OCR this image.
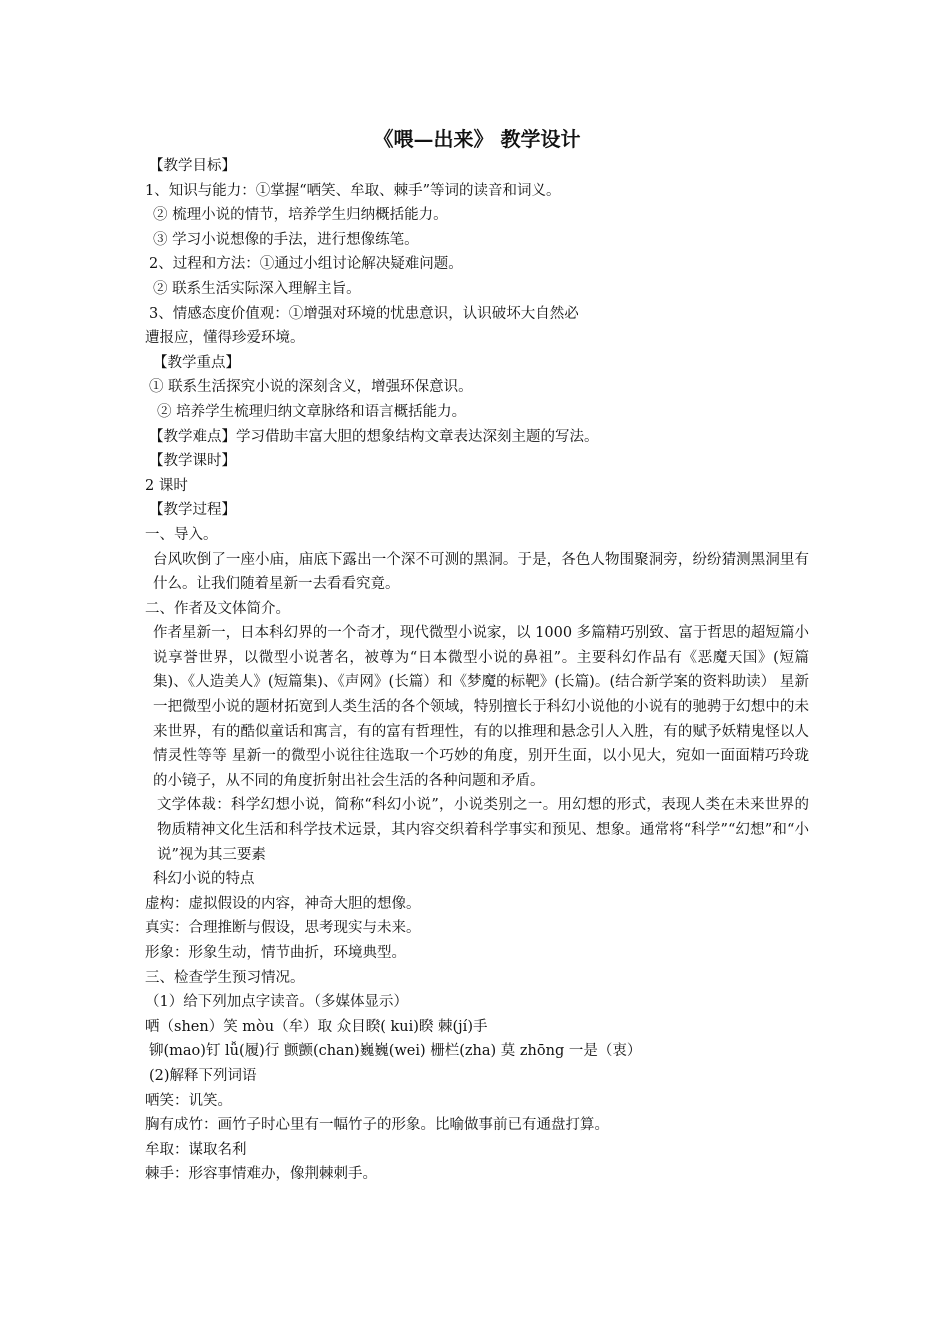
《喂—出来》 教学设计

【教学目标】

1、知识与能力：①掌握“哂笑、牟取、棘手”等词的读音和词义。

② 梳理小说的情节，培养学生归纳概括能力。

③ 学习小说想像的手法，进行想像练笔。

2、过程和方法：①通过小组讨论解决疑难问题。

② 联系生活实际深入理解主旨。

3、情感态度价值观：①增强对环境的忧患意识，认识破坏大自然必

遭报应，懂得珍爱环境。

【教学重点】

① 联系生活探究小说的深刻含义，增强环保意识。

② 培养学生梳理归纳文章脉络和语言概括能力。

【教学难点】学习借助丰富大胆的想象结构文章表达深刻主题的写法。

【教学课时】

2 课时

【教学过程】

一、导入。

台风吹倒了一座小庙，庙底下露出一个深不可测的黑洞。于是，各色人物围聚洞旁，纷纷猜测黑洞里有什么。让我们随着星新一去看看究竟。

二、作者及文体简介。

作者星新一，日本科幻界的一个奇才，现代微型小说家，以 1000 多篇精巧别致、富于哲思的超短篇小说享誉世界，以微型小说著名，被尊为“日本微型小说的鼻祖”。主要科幻作品有《恶魔天国》(短篇 集)、《人造美人》(短篇集)、《声网》(长篇）和《梦魔的标靶》(长篇)。(结合新学案的资料助读） 星新一把微型小说的题材拓宽到人类生活的各个领域，特别擅长于科幻小说他的小说有的驰骋于幻想中的未来世界，有的酷似童话和寓言，有的富有哲理性，有的以推理和悬念引人入胜，有的赋予妖精鬼怪以人情灵性等等 星新一的微型小说往往选取一个巧妙的角度，别开生面，以小见大，宛如一面面精巧玲珑的小镜子，从不同的角度折射出社会生活的各种问题和矛盾。

文学体裁：科学幻想小说，简称“科幻小说”，小说类别之一。用幻想的形式，表现人类在未来世界的物质精神文化生活和科学技术远景，其内容交织着科学事实和预见、想象。通常将“科学”“幻想”和“小说”视为其三要素

科幻小说的特点

虚构：虚拟假设的内容，神奇大胆的想像。

真实：合理推断与假设，思考现实与未来。

形象：形象生动，情节曲折，环境典型。

三、检查学生预习情况。

（1）给下列加点字读音。（多媒体显示）

哂（shen）笑 mòu（牟）取 众目睽( kui)睽 棘(jí)手

铆(mao)钉 lǚ(履)行 颤颤(chan)巍巍(wei) 栅栏(zha) 莫 zhōng 一是（衷）

(2)解释下列词语

哂笑：讥笑。

胸有成竹：画竹子时心里有一幅竹子的形象。比喻做事前已有通盘打算。

牟取：谋取名利

棘手：形容事情难办，像荆棘刺手。
